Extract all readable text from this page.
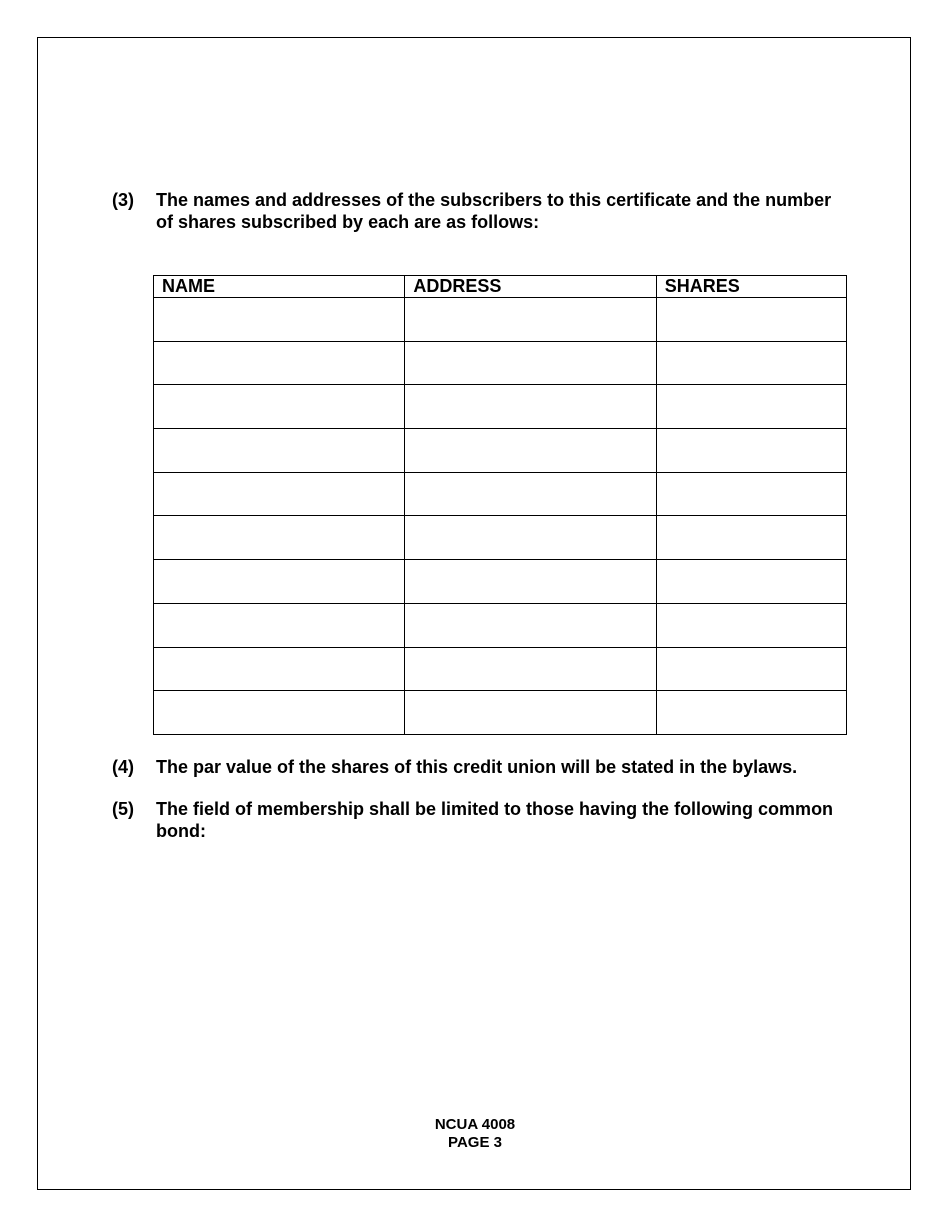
(3) The names and addresses of the subscribers to this certificate and the number of shares subscribed by each are as follows:
NAME	ADDRESS	SHARES

(4) The par value of the shares of this credit union will be stated in the bylaws.
(5) The field of membership shall be limited to those having the following common bond:
NCUA 4008
PAGE 3
